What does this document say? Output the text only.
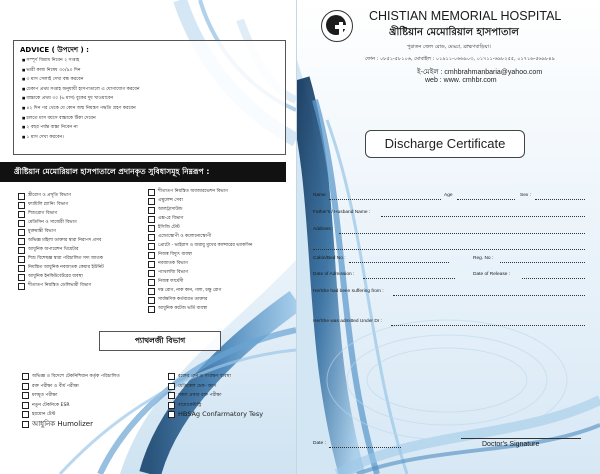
ADVICE ( উপদেশ ) :
■ সম্পূর্ণ বিশ্রাম নিবেন ২ সপ্তাহ
■ ভারী কাজ নিষেধ ৩০/৯০ দিন
■ ৩ মাস সেলাই দেখা বন্ধ করবেন
■ চেকাপ প্রথম সপ্তাহ অনুযায়ী হাসপাতালে এ যোগাযোগ করবেন
■ বাচ্চাকে প্রথম ৩০ (৬ মাস) বুকের দুধ খাওয়াবেন
■ ৪২ দিন পর থেকে যে কোন জন্ম নিয়ন্ত্রণ পদ্ধতি গ্রহণ করবেন
■ চলতে মাস বয়সে বাচ্চাকে টিকা দেবেন
■ ২ বছর পর্যন্ত বাচ্চা নিবেন না
■ ১ মাস দেখা করবেন।
খ্রীষ্টিয়ান মেমোরিয়াল হাসপাতালে প্রদানকৃত সুবিধাসমূহ নিম্নরূপ :
স্ত্রীরোগ ও প্রসূতি বিভাগ
ফ্যামিলি প্ল্যানিং বিভাগ
শিশুরোগ বিভাগ
মেডিসিন ও সার্জেরী বিভাগ
মুক্তমান্তী বিভাগ
অভিজ্ঞ মহিলা ডাক্তার দ্বারা নিরাপদ প্রসব
আধুনিক অপারেশন থিয়েটার
শিশু বিশেষজ্ঞ দ্বারা পরিচালিত সদ্য জাতক
নিয়ন্ত্রিত আধুনিক নবজাতক কেয়ার ইউনিট
আধুনিক ইনকিউবেটরের ব্যবস্থা
শীতাতপ নিয়ন্ত্রিত ডেলিভারী বিভাগ
শীতাতপ নিয়ন্ত্রিত অবজারভেশন বিভাগ
এম্বুলেন্স সেবা
আলট্রাসাউন্ড
এক্স-রে বিভাগ
ইসিজি টেস্ট
এন্ডোস্কোপী ও কলোনোস্কোপী
প্রোটো - ভাইরাস ও জরায়ু মুখের ক্যান্সারের ভ্যাকসিন
নিজস্ব বিদ্যুৎ ব্যবস্থা
নবজাতক বিভাগ
প্যাথলজি বিভাগ
নিজস্ব ফার্মেসী
দন্ত রোগ, নাক কান, গলা, চক্ষু রোগ
সার্বক্ষণিক কর্তব্যরত ডাক্তার
আধুনিক কটেজ ভর্তি ব্যবস্থা
প্যাথলজী বিভাগ
অভিজ্ঞ ও বিদেশে টেকনিশিয়ান কর্তৃক পরিচালিত
রক্ত পরীক্ষা ও বীর্য পরীক্ষা
মলমূত্র পরীক্ষা
নতুন টেকনিকে ESR
হরমোন টেস্ট
আধুনিক Humolizer
রক্তের গ্রুপ ও সংরক্ষণ ব্যবস্থা
মেডিকেল চেক- আপ
সকল প্রকার রক্ত পরীক্ষা
বায়োকেমিস্ট্রি
HBSAg Confarmatory Tesy
CHISTIAN MEMORIAL HOSPITAL
খ্রীষ্টিয়ান মেমোরিয়াল হাসপাতাল
পুরাতন জেল রোড, মেড্ডা, ব্রাহ্মণবাড়িয়া।
ফোন : ০৮৫১-৫৮১০৬, মোবাইল : ০১৯১১-০৬৬৯০৩, ০১৭১১-৬৯৮২৫৫, ০১৭১৬-৫৬৯৮৪৯
ই-মেইল : cmhbrahmanbaria@yahoo.com
web : www. cmhbr.com
Discharge Certificate
Name	Age	Sex :
Father's / Husband Name :
Address :
Cabin/Bed No :	Reg. No :
Date of Admission :	Date of Release :
He/She had been suffering from :
He/She was admitted Under Dr :
Date :	Doctor's Signature
